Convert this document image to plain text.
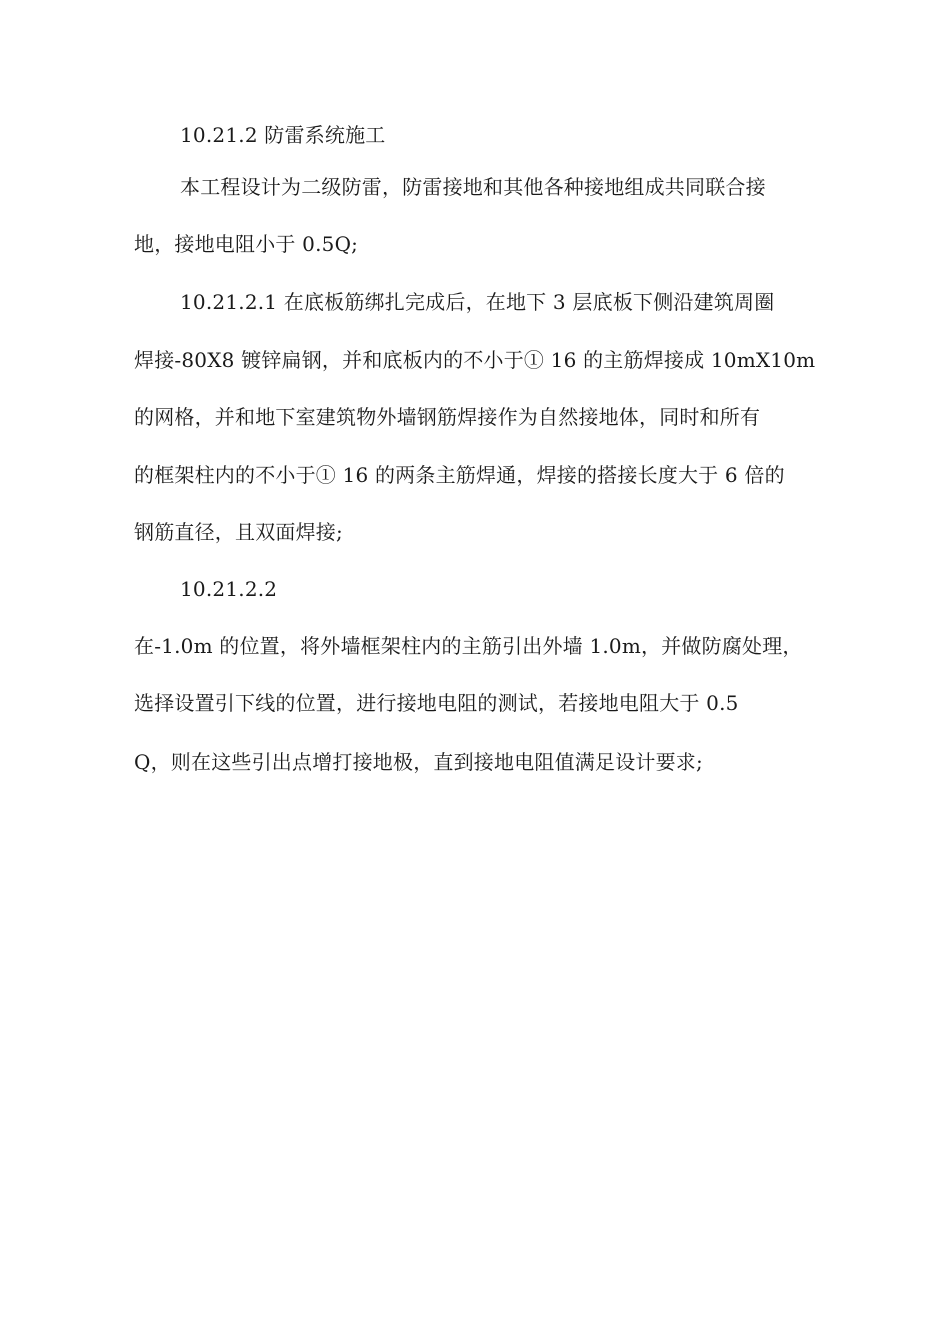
10.21.2 防雷系统施工
本工程设计为二级防雷，防雷接地和其他各种接地组成共同联合接
地，接地电阻小于 0.5Q;
10.21.2.1 在底板筋绑扎完成后，在地下 3 层底板下侧沿建筑周圈
焊接-80X8 镀锌扁钢，并和底板内的不小于① 16 的主筋焊接成 10mX10m
的网格，并和地下室建筑物外墙钢筋焊接作为自然接地体，同时和所有
的框架柱内的不小于① 16 的两条主筋焊通，焊接的搭接长度大于 6 倍的
钢筋直径，且双面焊接;
10.21.2.2
在-1.0m 的位置，将外墙框架柱内的主筋引出外墙 1.0m，并做防腐处理，
选择设置引下线的位置，进行接地电阻的测试，若接地电阻大于 0.5
Q，则在这些引出点增打接地极，直到接地电阻值满足设计要求;
